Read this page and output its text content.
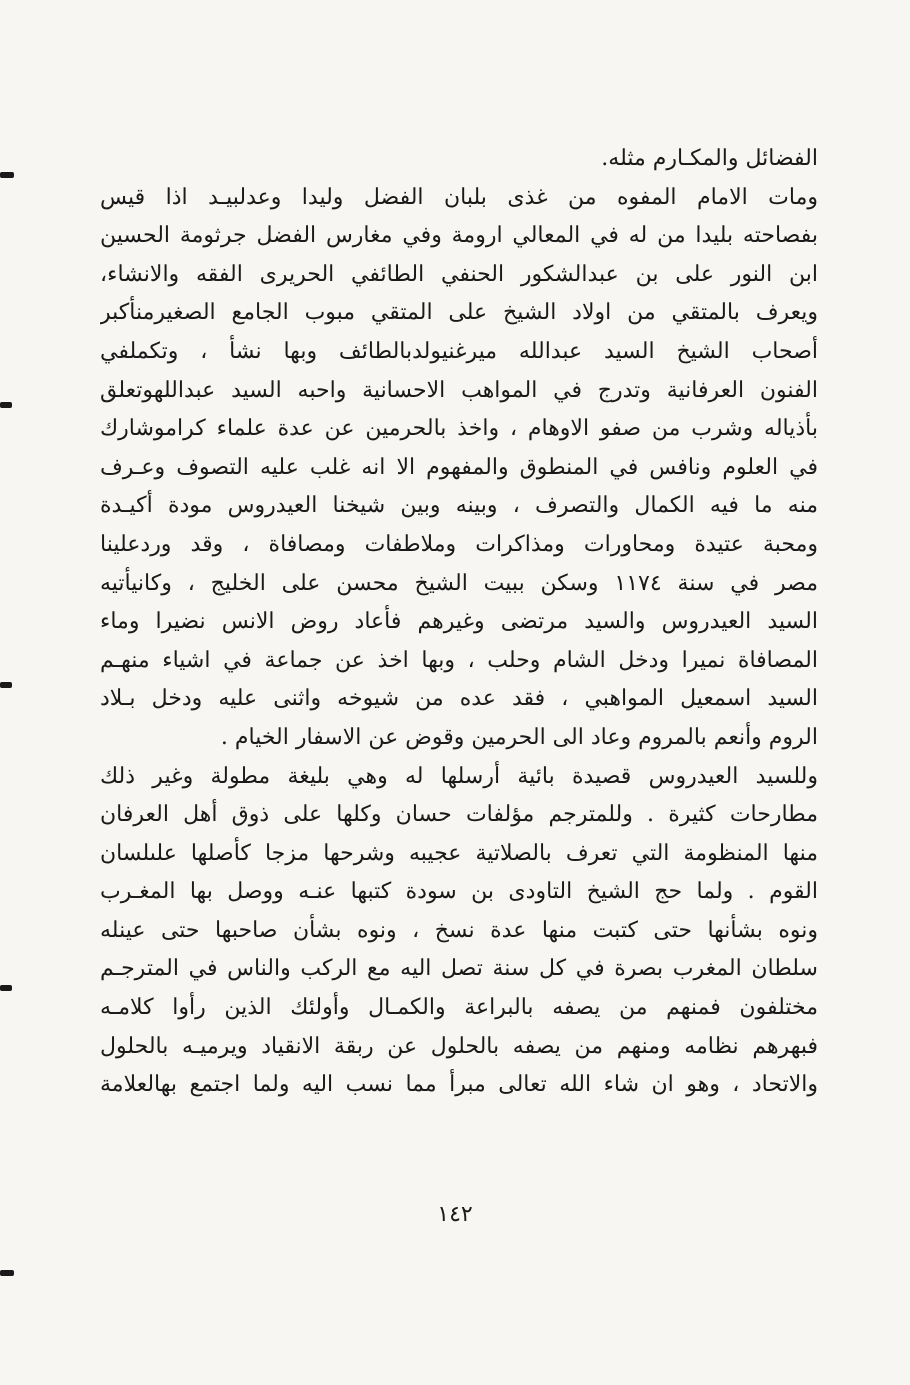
الفضائل والمكـارم مثله.
ومات الامام المفوه من غذى بلبان الفضل وليدا وعدلبيـد اذا قيس
بفصاحته بليدا من له في المعالي ارومة وفي مغارس الفضل جرثومة الحسين
ابن النور على بن عبدالشكور الحنفي الطائفي الحريرى الفقه والانشاء،
ويعرف بالمتقي من اولاد الشيخ على المتقي مبوب الجامع الصغيرمنأكبر
أصحاب الشيخ السيد عبدالله ميرغنيولدبالطائف وبها نشأ ، وتكملفي
الفنون العرفانية وتدرج في المواهب الاحسانية واحبه السيد عبداللهوتعلق
بأذياله وشرب من صفو الاوهام ، واخذ بالحرمين عن عدة علماء كراموشارك
في العلوم ونافس في المنطوق والمفهوم الا انه غلب عليه التصوف وعـرف
منه ما فيه الكمال والتصرف ، وبينه وبين شيخنا العيدروس مودة أكيـدة
ومحبة عتيدة ومحاورات ومذاكرات وملاطفات ومصافاة ، وقد وردعلينا
مصر في سنة ١١٧٤ وسكن ببيت الشيخ محسن على الخليج ، وكانيأتيه
السيد العيدروس والسيد مرتضى وغيرهم فأعاد روض الانس نضيرا وماء
المصافاة نميرا ودخل الشام وحلب ، وبها اخذ عن جماعة في اشياء منهـم
السيد اسمعيل المواهبي ، فقد عده من شيوخه واثنى عليه ودخل بـلاد
الروم وأنعم بالمروم وعاد الى الحرمين وقوض عن الاسفار الخيام .
وللسيد العيدروس قصيدة بائية أرسلها له وهي بليغة مطولة وغير ذلك
مطارحات كثيرة . وللمترجم مؤلفات حسان وكلها على ذوق أهل العرفان
منها المنظومة التي تعرف بالصلاتية عجيبه وشرحها مزجا كأصلها علىلسان
القوم . ولما حج الشيخ التاودى بن سودة كتبها عنـه ووصل بها المغـرب
ونوه بشأنها حتى كتبت منها عدة نسخ ، ونوه بشأن صاحبها حتى عينله
سلطان المغرب بصرة في كل سنة تصل اليه مع الركب والناس في المترجـم
مختلفون فمنهم من يصفه بالبراعة والكمـال وأولئك الذين رأوا كلامـه
فبهرهم نظامه ومنهم من يصفه بالحلول عن ربقة الانقياد ويرميـه بالحلول
والاتحاد ، وهو ان شاء الله تعالى مبرأ مما نسب اليه ولما اجتمع بهالعلامة
١٤٢
